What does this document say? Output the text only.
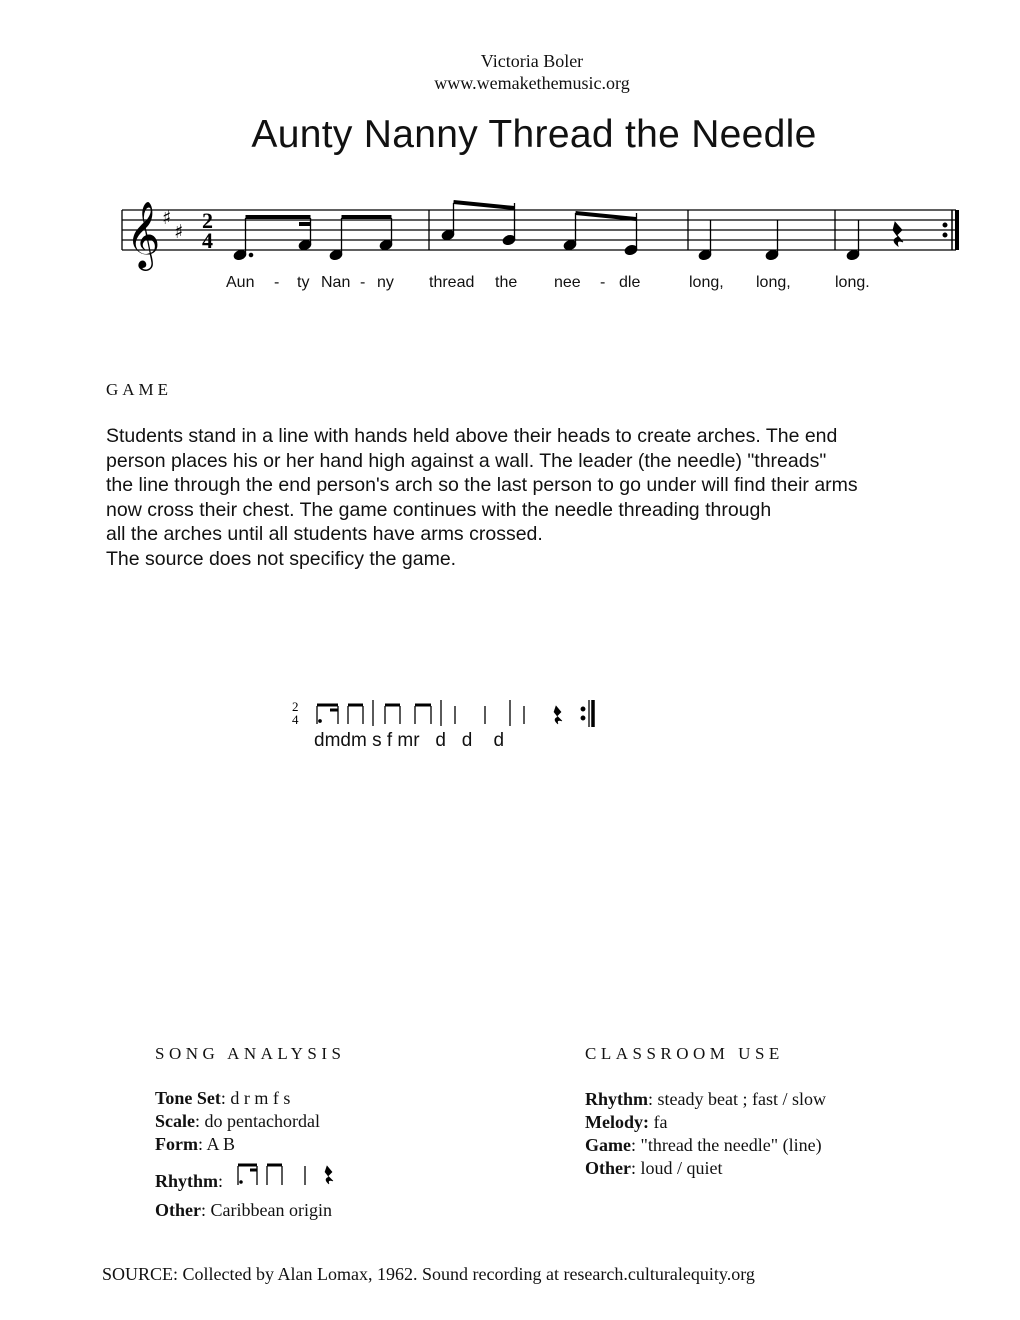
Victoria Boler
www.wemakethemusic.org
Aunty Nanny Thread the Needle
𝄞 ♯
♯ 2
4
Aun - ty Nan - ny thread the nee - dle	long, long,	long.
GAME
Students stand in a line with hands held above their heads to create arches. The end
person places his or her hand high against a wall. The leader (the needle) "threads"
the line through the end person's arch so the last person to go under will find their arms
now cross their chest. The game continues with the needle threading through
all the arches until all students have arms crossed.
The source does not specificy the game.
2
4
dmdm s f mr   d   d    d
SONG ANALYSIS
Tone Set: d r m f s
Scale: do pentachordal
Form: A B
Rhythm:
Other: Caribbean origin
CLASSROOM USE
Rhythm: steady beat ; fast / slow
Melody: fa
Game: "thread the needle" (line)
Other: loud / quiet
SOURCE: Collected by Alan Lomax, 1962. Sound recording at research.culturalequity.org
